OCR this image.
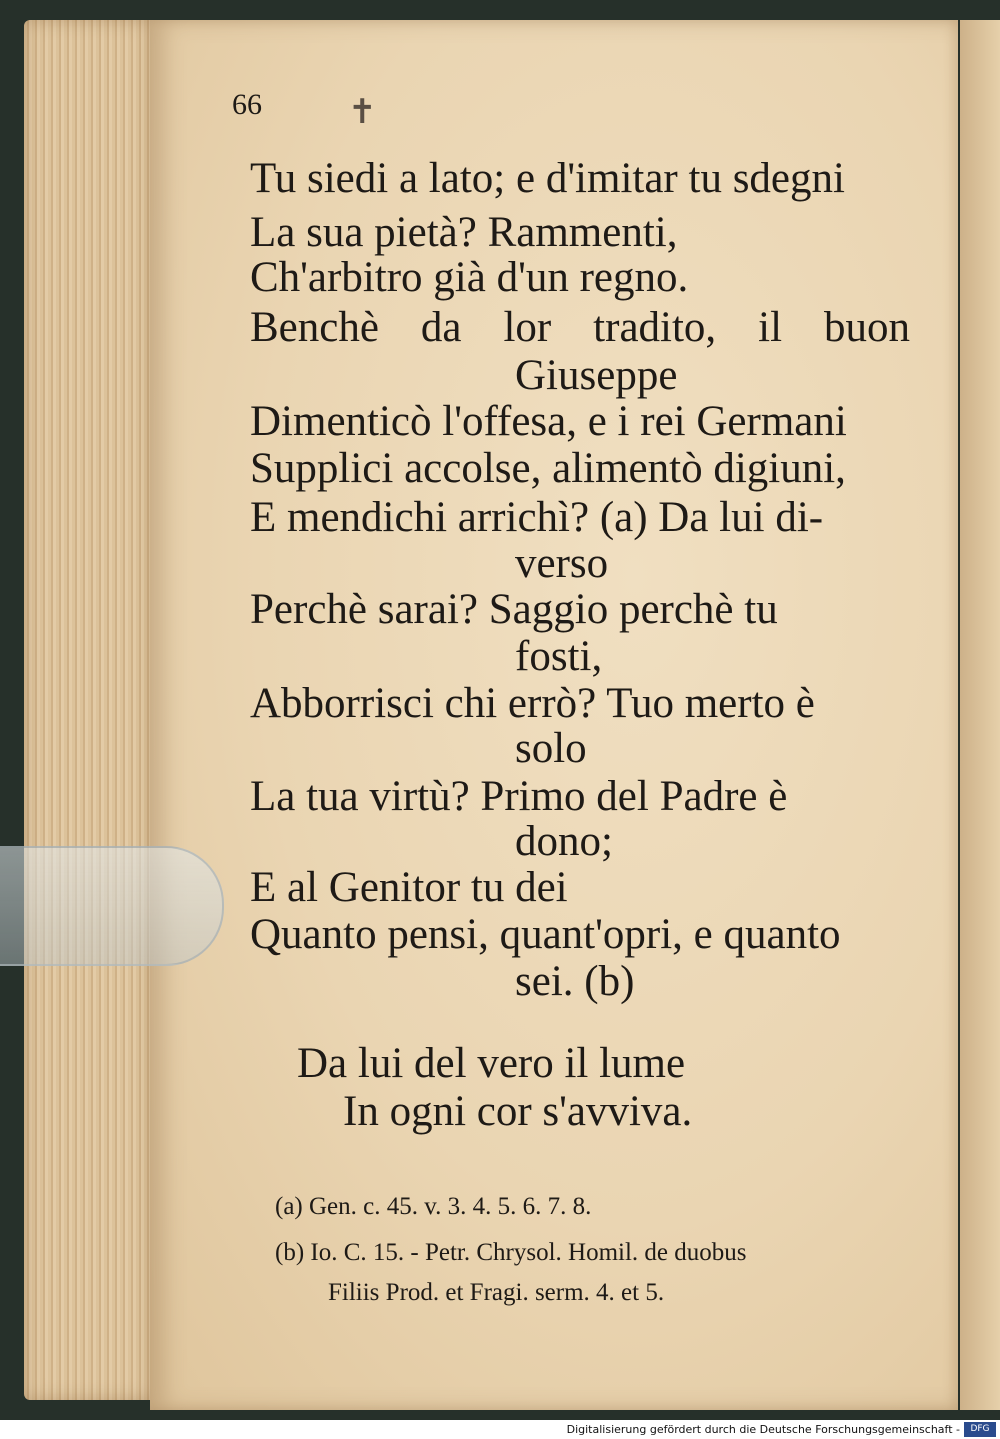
66	✝
Tu siedi a lato; e d'imitar tu sdegni
La sua pietà? Rammenti,
Ch'arbitro già d'un regno.
Benchè da lor tradito, il buon
Giuseppe
Dimenticò l'offesa, e i rei Germani
Supplici accolse, alimentò digiuni,
E mendichi arrichì? (a) Da lui di-
verso
Perchè sarai? Saggio perchè tu
fosti,
Abborrisci chi errò? Tuo merto è
solo
La tua virtù? Primo del Padre è
dono;
E al Genitor tu dei
Quanto pensi, quant'opri, e quanto
sei. (b)
Da lui del vero il lume
In ogni cor s'avviva.
(a) Gen. c. 45. v. 3. 4. 5. 6. 7. 8.
(b) Io. C. 15. - Petr. Chrysol. Homil. de duobus
Filiis Prod. et Fragi. serm. 4. et 5.
Digitalisierung gefördert durch die Deutsche Forschungsgemeinschaft -	DFG
